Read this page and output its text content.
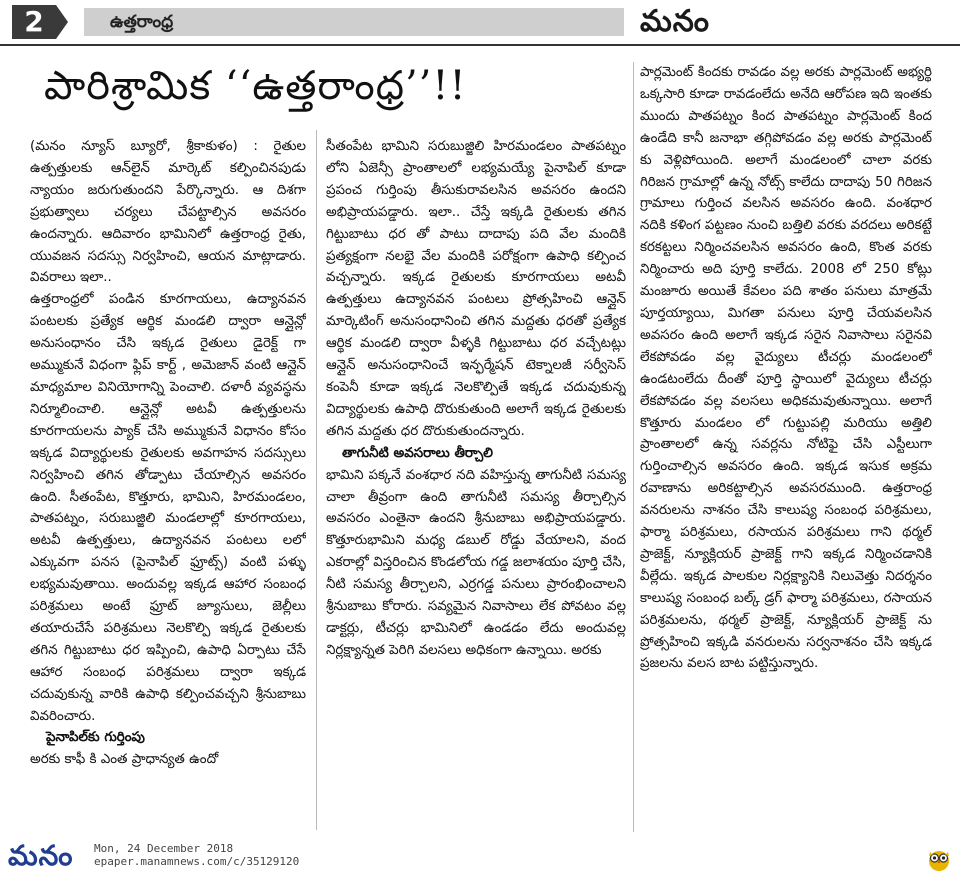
2	ఉత్తరాంధ్ర	మనం
పారిశ్రామిక ‘‘ఉత్తరాంధ్ర’’!!

(మనం న్యూస్ బ్యూరో, శ్రీకాకుళం) : రైతుల ఉత్పత్తులకు ఆన్‌లైన్ మార్కెట్ కల్పించినపుడు న్యాయం జరుగుతుందని పేర్కొన్నారు. ఆ దిశగా ప్రభుత్వాలు చర్యలు చేపట్టాల్సిన అవసరం ఉందన్నారు. ఆదివారం భామినిలో ఉత్తరాంధ్ర రైతు, యువజన సదస్సు నిర్వహించి, ఆయన మాట్లాడారు. వివరాలు ఇలా..

ఉత్తరాంధ్రలో పండిన కూరగాయలు, ఉద్యానవన పంటలకు ప్రత్యేక ఆర్థిక మండలి ద్వారా ఆన్లైన్లో అనుసంధానం చేసి ఇక్కడ రైతులు డైరెక్ట్ గా అమ్ముకునే విధంగా ఫ్లిప్ కార్ట్ , అమెజాన్ వంటి ఆన్లైన్ మాధ్యమాల వినియోగాన్ని పెంచాలి. దళారీ వ్యవస్థను నిర్మూలించాలి. ఆన్లైన్లో అటవీ ఉత్పత్తులను కూరగాయలను ప్యాక్ చేసి అమ్ముకునే విధానం కోసం ఇక్కడ విద్యార్థులకు రైతులకు అవగాహన సదస్సులు నిర్వహించి తగిన తోడ్పాటు చేయాల్సిన అవసరం ఉంది. సీతంపేట, కొత్తూరు, భామిని, హిరమండలం, పాతపట్నం, సరుబుజ్జిలి మండలాల్లో కూరగాయలు, అటవీ ఉత్పత్తులు, ఉద్యానవన పంటలు లలో ఎక్కువగా పనస (పైనాపిల్ ఫ్రూట్స్) వంటి పళ్ళు లభ్యమవుతాయి. అందువల్ల ఇక్కడ ఆహార సంబంధ పరిశ్రమలు అంటే ఫ్రూట్ జ్యూసులు, జెల్లీలు తయారుచేసే పరిశ్రమలు నెలకొల్పి ఇక్కడ రైతులకు తగిన గిట్టుబాటు ధర ఇప్పించి, ఉపాధి ఏర్పాటు చేసే ఆహార సంబంధ పరిశ్రమలు ద్వారా ఇక్కడ చదువుకున్న వారికి ఉపాధి కల్పించవచ్చని శ్రీనుబాబు వివరించారు.

పైనాపిల్‌కు గుర్తింపు

అరకు కాఫీ కి ఎంత ప్రాధాన్యత ఉందో

సీతంపేట భామిని సరుబుజ్జిలి హిరమండలం పాతపట్నం లోని ఏజెన్సీ ప్రాంతాలలో లభ్యమయ్యే పైనాపిల్ కూడా ప్రపంచ గుర్తింపు తీసుకురావలసిన అవసరం ఉందని అభిప్రాయపడ్డారు. ఇలా.. చేస్తే ఇక్కడి రైతులకు తగిన గిట్టుబాటు ధర తో పాటు దాదాపు పది వేల మందికి ప్రత్యక్షంగా నలభై వేల మందికి పరోక్షంగా ఉపాధి కల్పించ వచ్చన్నారు. ఇక్కడ రైతులకు కూరగాయలు అటవీ ఉత్పత్తులు ఉద్యానవన పంటలు ప్రోత్సహించి ఆన్లైన్ మార్కెటింగ్ అనుసంధానించి తగిన మద్దతు ధరతో ప్రత్యేక ఆర్థిక మండలి ద్వారా వీళ్ళకి గిట్టుబాటు ధర వచ్చేటట్లు ఆన్లైన్ అనుసంధానించే ఇన్ఫర్మేషన్ టెక్నాలజీ సర్వీసెస్ కంపెనీ కూడా ఇక్కడ నెలకొల్పితే ఇక్కడ చదువుకున్న విద్యార్థులకు ఉపాధి దొరుకుతుంది అలాగే ఇక్కడ రైతులకు తగిన మద్దతు ధర దొరుకుతుందన్నారు.

తాగునీటి అవసరాలు తీర్చాలి

భామిని పక్కనే వంశధార నది వహిస్తున్న తాగునీటి సమస్య చాలా తీవ్రంగా ఉంది తాగునీటి సమస్య తీర్చాల్సిన అవసరం ఎంతైనా ఉందని శ్రీనుబాబు అభిప్రాయపడ్డారు. కొత్తూరుభామిని మధ్య డబుల్ రోడ్డు వేయాలని, వంద ఎకరాల్లో విస్తరించిన కొండలోయ గడ్డ జలాశయం పూర్తి చేసి, నీటి సమస్య తీర్చాలని, ఎర్రగడ్డ పనులు ప్రారంభించాలని శ్రీనుబాబు కోరారు. సవ్యమైన నివాసాలు లేక పోవటం వల్ల డాక్టర్లు, టీచర్లు భామినిలో ఉండడం లేదు అందువల్ల నిర్లక్ష్యాన్నత పెరిగి వలసలు అధికంగా ఉన్నాయి. అరకు

పార్లమెంట్ కిందకు రావడం వల్ల అరకు పార్లమెంట్ అభ్యర్థి ఒక్కసారి కూడా రావడంలేదు అనేది ఆరోపణ ఇది ఇంతకు ముందు పాతపట్నం కింద పాతపట్నం పార్లమెంట్ కింద ఉండేది కానీ జనాభా తగ్గిపోవడం వల్ల అరకు పార్లమెంట్ కు వెళ్లిపోయింది. అలాగే మండలంలో చాలా వరకు గిరిజన గ్రామాల్లో ఉన్న నోట్స్ కాలేదు దాదాపు 50 గిరిజన గ్రామాలు గుర్తించ వలసిన అవసరం ఉంది. వంశధార నదికి కళింగ పట్టణం నుంచి బత్తిలి వరకు వరదలు అరికట్టే కరకట్టలు నిర్మించవలసిన అవసరం ఉంది, కొంత వరకు నిర్మించారు అది పూర్తి కాలేదు. 2008 లో 250 కోట్లు మంజూరు అయితే కేవలం పది శాతం పనులు మాత్రమే పూర్తయ్యాయి, మిగతా పనులు పూర్తి చేయవలసిన అవసరం ఉంది అలాగే ఇక్కడ సరైన నివాసాలు సరైనవి లేకపోవడం వల్ల వైద్యులు టీచర్లు మండలంలో ఉండటంలేదు దీంతో పూర్తి స్థాయిలో వైద్యులు టీచర్లు లేకపోవడం వల్ల వలసలు అధికమవుతున్నాయి. అలాగే కొత్తూరు మండలం లో గుట్టుపల్లి మరియు అత్తిలి ప్రాంతాలలో ఉన్న సవర్లను నోటిఫై చేసి ఎస్టీలుగా గుర్తించాల్సిన అవసరం ఉంది. ఇక్కడ ఇసుక అక్రమ రవాణాను అరికట్టాల్సిన అవసరముంది. ఉత్తరాంధ్ర వనరులను నాశనం చేసి కాలుష్య సంబంధ పరిశ్రమలు, ఫార్మా పరిశ్రమలు, రసాయన పరిశ్రమలు గాని థర్మల్ ప్రాజెక్ట్, న్యూక్లియర్ ప్రాజెక్ట్ గాని ఇక్కడ నిర్మించడానికి వీల్లేదు. ఇక్కడ పాలకుల నిర్లక్ష్యానికి నిలువెత్తు నిదర్శనం కాలుష్య సంబంధ బల్క్ డ్రగ్ ఫార్మా పరిశ్రమలు, రసాయన పరిశ్రమలను, థర్మల్ ప్రాజెక్ట్, న్యూక్లియర్ ప్రాజెక్ట్ ను ప్రోత్సహించి ఇక్కడి వనరులను సర్వనాశనం చేసి ఇక్కడ ప్రజలను వలస బాట పట్టిస్తున్నారు.

మనం Mon, 24 December 2018
epaper.manamnews.com/c/35129120
